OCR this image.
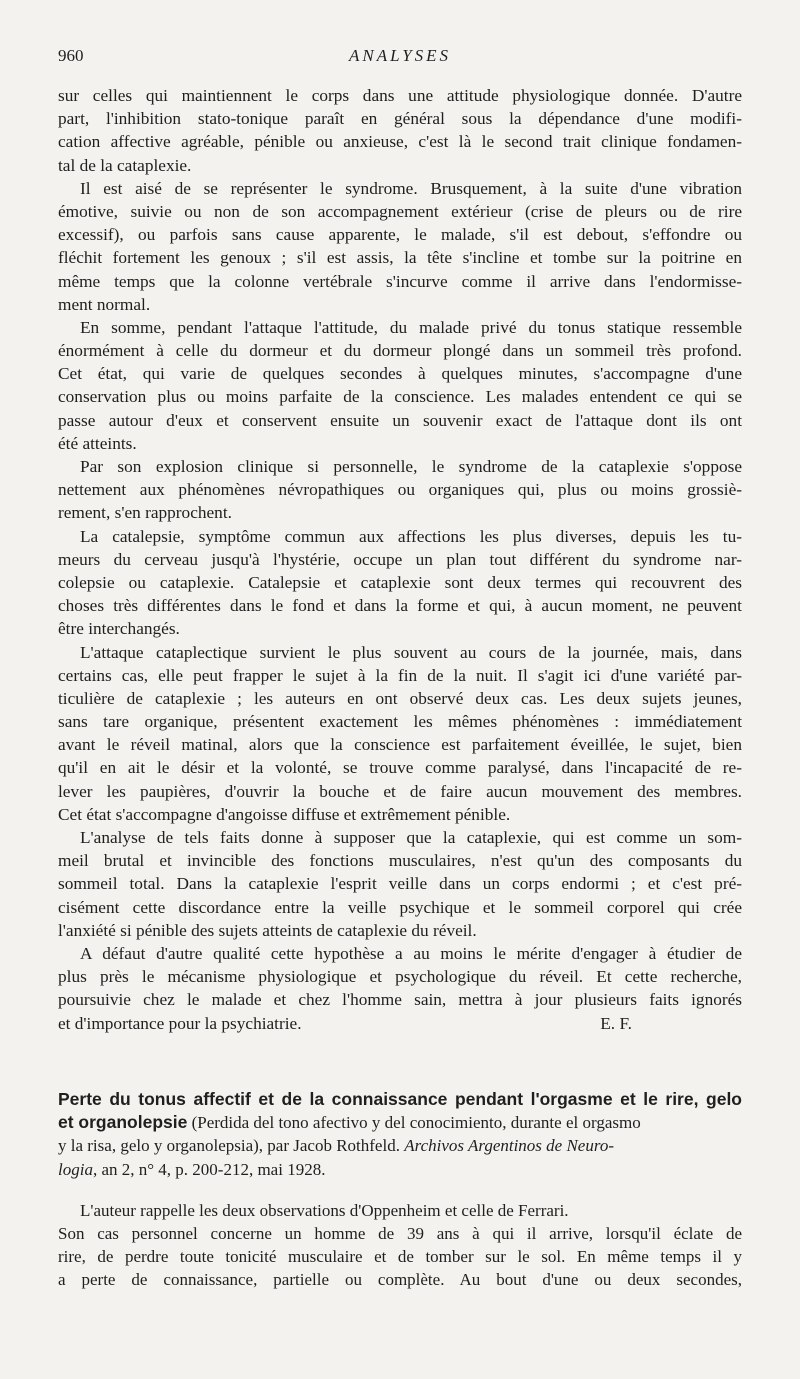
960	ANALYSES
sur celles qui maintiennent le corps dans une attitude physiologique donnée. D'autre
part, l'inhibition stato-tonique paraît en général sous la dépendance d'une modifi-
cation affective agréable, pénible ou anxieuse, c'est là le second trait clinique fondamen-
tal de la cataplexie.
Il est aisé de se représenter le syndrome. Brusquement, à la suite d'une vibration
émotive, suivie ou non de son accompagnement extérieur (crise de pleurs ou de rire
excessif), ou parfois sans cause apparente, le malade, s'il est debout, s'effondre ou
fléchit fortement les genoux ; s'il est assis, la tête s'incline et tombe sur la poitrine en
même temps que la colonne vertébrale s'incurve comme il arrive dans l'endormisse-
ment normal.
En somme, pendant l'attaque l'attitude, du malade privé du tonus statique ressemble
énormément à celle du dormeur et du dormeur plongé dans un sommeil très profond.
Cet état, qui varie de quelques secondes à quelques minutes, s'accompagne d'une
conservation plus ou moins parfaite de la conscience. Les malades entendent ce qui se
passe autour d'eux et conservent ensuite un souvenir exact de l'attaque dont ils ont
été atteints.
Par son explosion clinique si personnelle, le syndrome de la cataplexie s'oppose
nettement aux phénomènes névropathiques ou organiques qui, plus ou moins grossiè-
rement, s'en rapprochent.
La catalepsie, symptôme commun aux affections les plus diverses, depuis les tu-
meurs du cerveau jusqu'à l'hystérie, occupe un plan tout différent du syndrome nar-
colepsie ou cataplexie. Catalepsie et cataplexie sont deux termes qui recouvrent des
choses très différentes dans le fond et dans la forme et qui, à aucun moment, ne peuvent
être interchangés.
L'attaque cataplectique survient le plus souvent au cours de la journée, mais, dans
certains cas, elle peut frapper le sujet à la fin de la nuit. Il s'agit ici d'une variété par-
ticulière de cataplexie ; les auteurs en ont observé deux cas. Les deux sujets jeunes,
sans tare organique, présentent exactement les mêmes phénomènes : immédiatement
avant le réveil matinal, alors que la conscience est parfaitement éveillée, le sujet, bien
qu'il en ait le désir et la volonté, se trouve comme paralysé, dans l'incapacité de re-
lever les paupières, d'ouvrir la bouche et de faire aucun mouvement des membres.
Cet état s'accompagne d'angoisse diffuse et extrêmement pénible.
L'analyse de tels faits donne à supposer que la cataplexie, qui est comme un som-
meil brutal et invincible des fonctions musculaires, n'est qu'un des composants du
sommeil total. Dans la cataplexie l'esprit veille dans un corps endormi ; et c'est pré-
cisément cette discordance entre la veille psychique et le sommeil corporel qui crée
l'anxiété si pénible des sujets atteints de cataplexie du réveil.
A défaut d'autre qualité cette hypothèse a au moins le mérite d'engager à étudier de
plus près le mécanisme physiologique et psychologique du réveil. Et cette recherche,
poursuivie chez le malade et chez l'homme sain, mettra à jour plusieurs faits ignorés
et d'importance pour la psychiatrie.	E. F.
Perte du tonus affectif et de la connaissance pendant l'orgasme et le rire, gelo
et organolepsie (Perdida del tono afectivo y del conocimiento, durante el orgasmo
y la risa, gelo y organolepsia), par Jacob Rothfeld. Archivos Argentinos de Neuro-
logia, an 2, n° 4, p. 200-212, mai 1928.
L'auteur rappelle les deux observations d'Oppenheim et celle de Ferrari.
Son cas personnel concerne un homme de 39 ans à qui il arrive, lorsqu'il éclate de
rire, de perdre toute tonicité musculaire et de tomber sur le sol. En même temps il y
a perte de connaissance, partielle ou complète. Au bout d'une ou deux secondes,
